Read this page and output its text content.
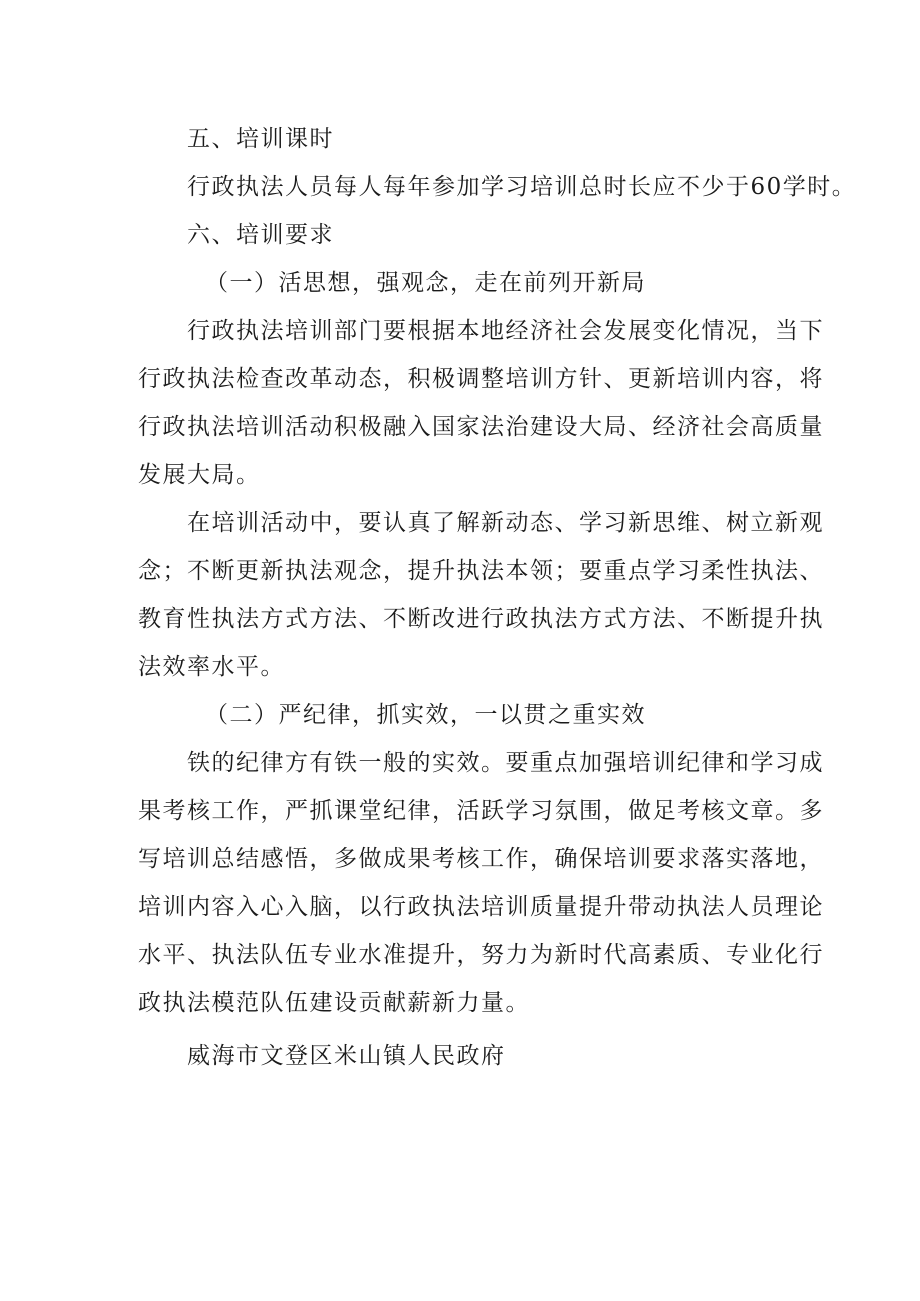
五、培训课时
行政执法人员每人每年参加学习培训总时长应不少于60学时。
六、培训要求
（一）活思想，强观念，走在前列开新局
行政执法培训部门要根据本地经济社会发展变化情况，当下
行政执法检查改革动态，积极调整培训方针、更新培训内容，将
行政执法培训活动积极融入国家法治建设大局、经济社会高质量
发展大局。
在培训活动中，要认真了解新动态、学习新思维、树立新观
念；不断更新执法观念，提升执法本领；要重点学习柔性执法、
教育性执法方式方法、不断改进行政执法方式方法、不断提升执
法效率水平。
（二）严纪律，抓实效，一以贯之重实效
铁的纪律方有铁一般的实效。要重点加强培训纪律和学习成
果考核工作，严抓课堂纪律，活跃学习氛围，做足考核文章。多
写培训总结感悟，多做成果考核工作，确保培训要求落实落地，
培训内容入心入脑，以行政执法培训质量提升带动执法人员理论
水平、执法队伍专业水准提升，努力为新时代高素质、专业化行
政执法模范队伍建设贡献薪新力量。
威海市文登区米山镇人民政府
